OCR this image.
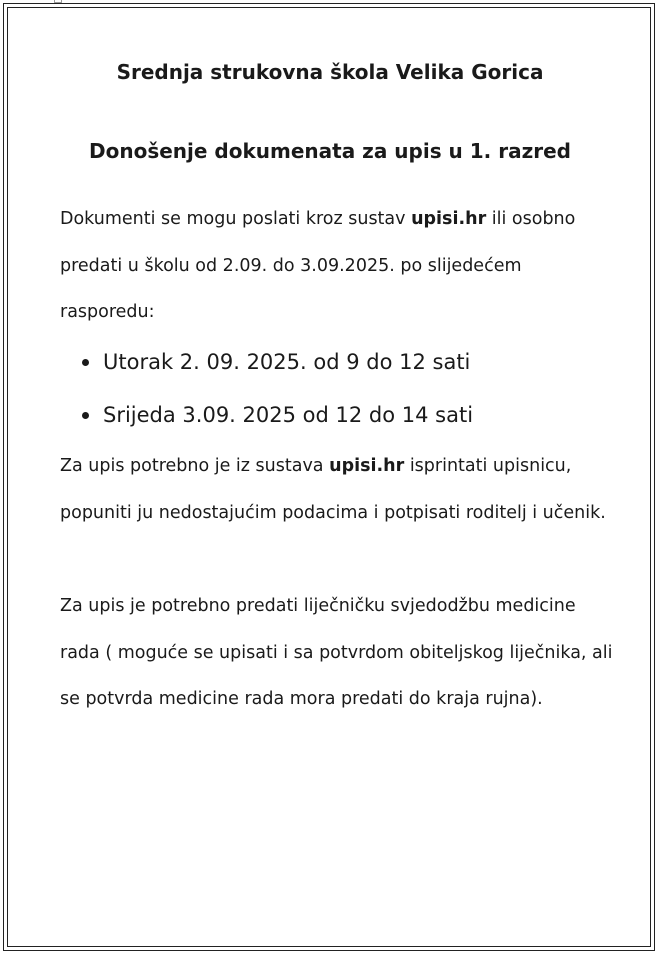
Srednja strukovna škola Velika Gorica
Donošenje dokumenata za upis u 1. razred

Dokumenti se mogu poslati kroz sustav upisi.hr ili osobno predati u školu od 2.09. do 3.09.2025. po slijedećem rasporedu:

Utorak 2. 09. 2025. od 9 do 12 sati
Srijeda 3.09. 2025 od 12 do 14 sati

Za upis potrebno je iz sustava upisi.hr isprintati upisnicu, popuniti ju nedostajućim podacima i potpisati roditelj i učenik.

Za upis je potrebno predati liječničku svjedodžbu medicine rada ( moguće se upisati i sa potvrdom obiteljskog liječnika, ali se potvrda medicine rada mora predati do kraja rujna).
